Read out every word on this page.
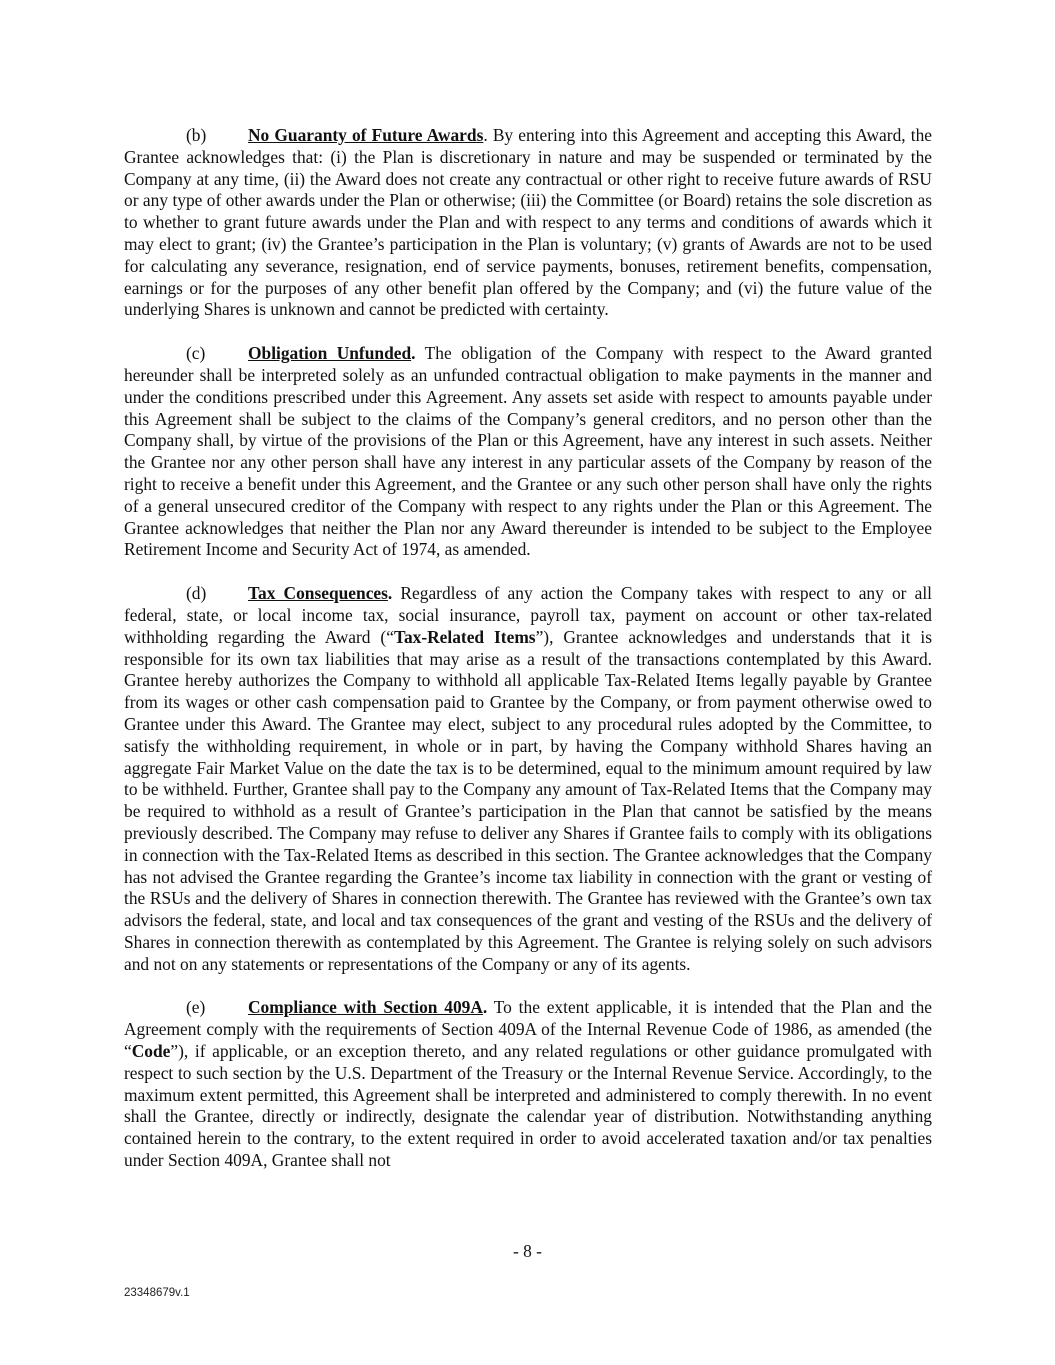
(b) No Guaranty of Future Awards. By entering into this Agreement and accepting this Award, the Grantee acknowledges that: (i) the Plan is discretionary in nature and may be suspended or terminated by the Company at any time, (ii) the Award does not create any contractual or other right to receive future awards of RSU or any type of other awards under the Plan or otherwise; (iii) the Committee (or Board) retains the sole discretion as to whether to grant future awards under the Plan and with respect to any terms and conditions of awards which it may elect to grant; (iv) the Grantee’s participation in the Plan is voluntary; (v) grants of Awards are not to be used for calculating any severance, resignation, end of service payments, bonuses, retirement benefits, compensation, earnings or for the purposes of any other benefit plan offered by the Company; and (vi) the future value of the underlying Shares is unknown and cannot be predicted with certainty.

(c) Obligation Unfunded. The obligation of the Company with respect to the Award granted hereunder shall be interpreted solely as an unfunded contractual obligation to make payments in the manner and under the conditions prescribed under this Agreement. Any assets set aside with respect to amounts payable under this Agreement shall be subject to the claims of the Company’s general creditors, and no person other than the Company shall, by virtue of the provisions of the Plan or this Agreement, have any interest in such assets. Neither the Grantee nor any other person shall have any interest in any particular assets of the Company by reason of the right to receive a benefit under this Agreement, and the Grantee or any such other person shall have only the rights of a general unsecured creditor of the Company with respect to any rights under the Plan or this Agreement. The Grantee acknowledges that neither the Plan nor any Award thereunder is intended to be subject to the Employee Retirement Income and Security Act of 1974, as amended.

(d) Tax Consequences. Regardless of any action the Company takes with respect to any or all federal, state, or local income tax, social insurance, payroll tax, payment on account or other tax-related withholding regarding the Award (“Tax-Related Items”), Grantee acknowledges and understands that it is responsible for its own tax liabilities that may arise as a result of the transactions contemplated by this Award. Grantee hereby authorizes the Company to withhold all applicable Tax-Related Items legally payable by Grantee from its wages or other cash compensation paid to Grantee by the Company, or from payment otherwise owed to Grantee under this Award. The Grantee may elect, subject to any procedural rules adopted by the Committee, to satisfy the withholding requirement, in whole or in part, by having the Company withhold Shares having an aggregate Fair Market Value on the date the tax is to be determined, equal to the minimum amount required by law to be withheld. Further, Grantee shall pay to the Company any amount of Tax-Related Items that the Company may be required to withhold as a result of Grantee’s participation in the Plan that cannot be satisfied by the means previously described. The Company may refuse to deliver any Shares if Grantee fails to comply with its obligations in connection with the Tax-Related Items as described in this section. The Grantee acknowledges that the Company has not advised the Grantee regarding the Grantee’s income tax liability in connection with the grant or vesting of the RSUs and the delivery of Shares in connection therewith. The Grantee has reviewed with the Grantee’s own tax advisors the federal, state, and local and tax consequences of the grant and vesting of the RSUs and the delivery of Shares in connection therewith as contemplated by this Agreement. The Grantee is relying solely on such advisors and not on any statements or representations of the Company or any of its agents.

(e) Compliance with Section 409A. To the extent applicable, it is intended that the Plan and the Agreement comply with the requirements of Section 409A of the Internal Revenue Code of 1986, as amended (the “Code”), if applicable, or an exception thereto, and any related regulations or other guidance promulgated with respect to such section by the U.S. Department of the Treasury or the Internal Revenue Service. Accordingly, to the maximum extent permitted, this Agreement shall be interpreted and administered to comply therewith. In no event shall the Grantee, directly or indirectly, designate the calendar year of distribution. Notwithstanding anything contained herein to the contrary, to the extent required in order to avoid accelerated taxation and/or tax penalties under Section 409A, Grantee shall not

- 8 -
23348679v.1
